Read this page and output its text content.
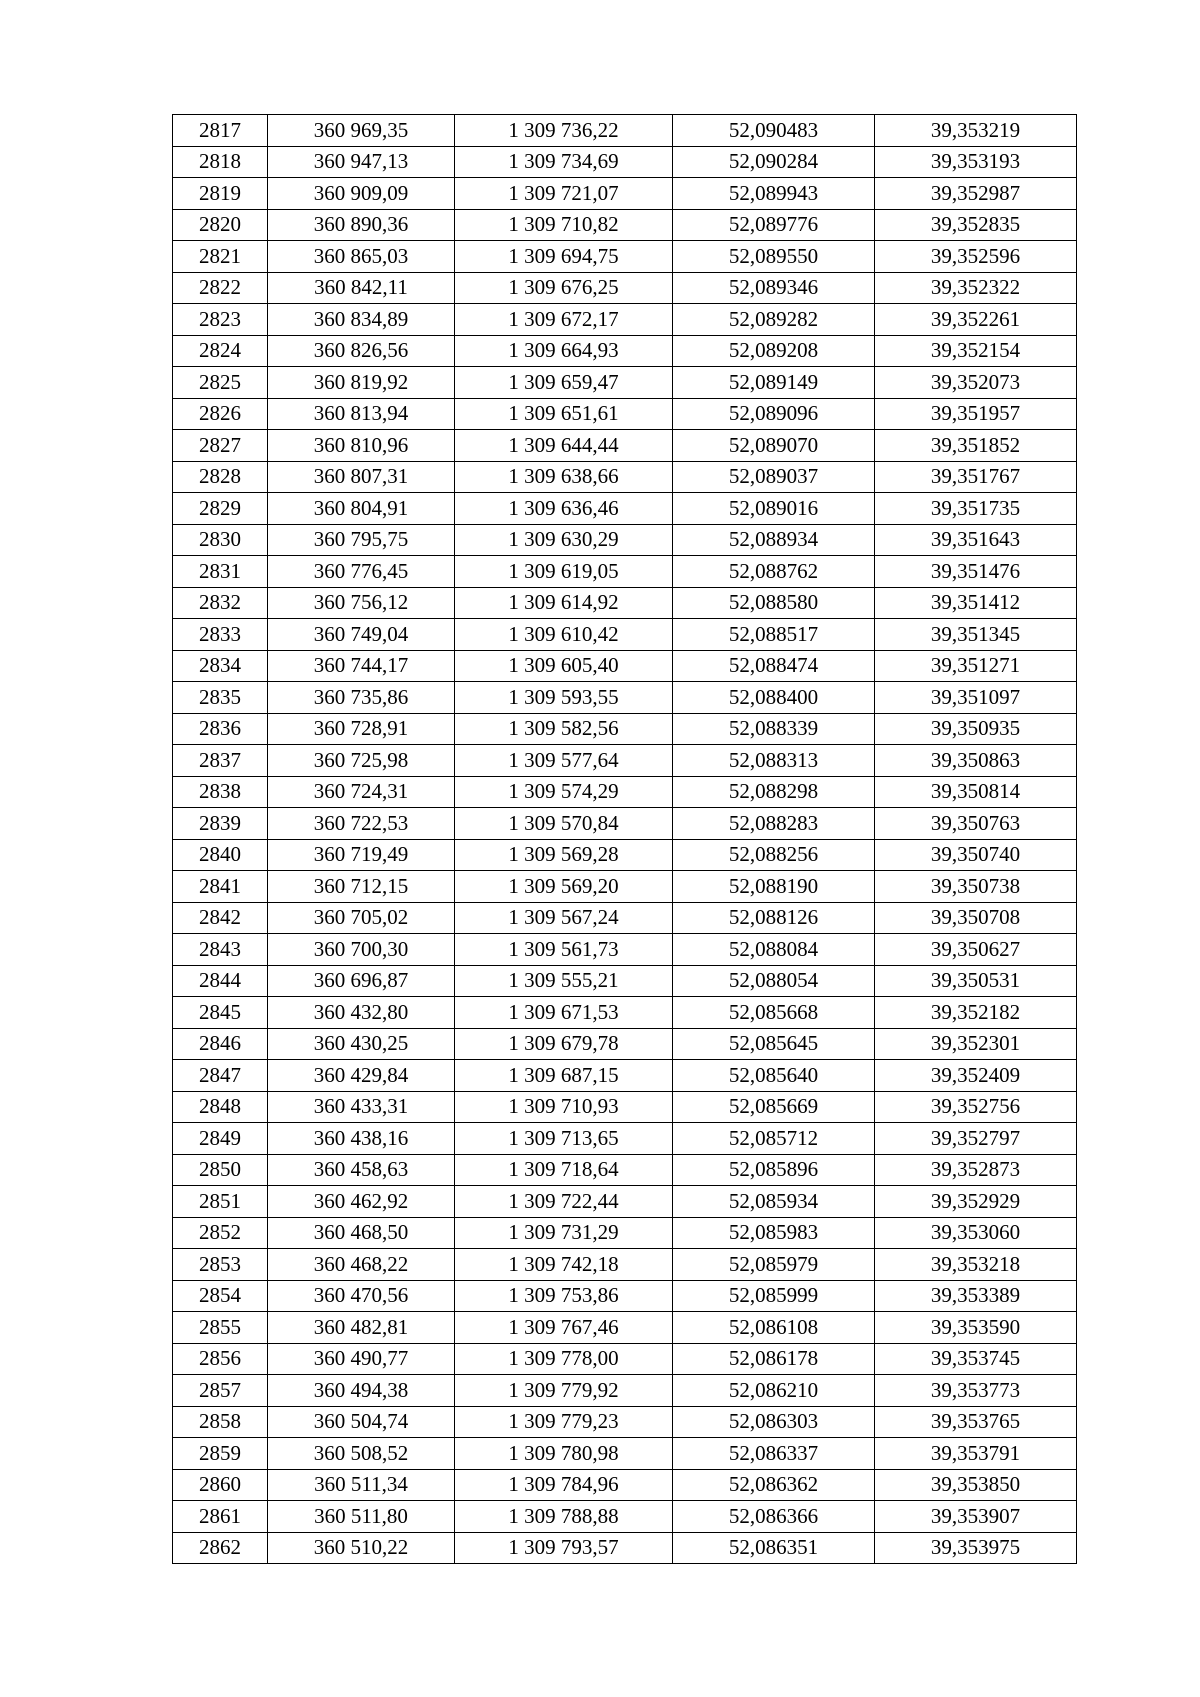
2817	360 969,35	1 309 736,22	52,090483	39,353219
2818	360 947,13	1 309 734,69	52,090284	39,353193
2819	360 909,09	1 309 721,07	52,089943	39,352987
2820	360 890,36	1 309 710,82	52,089776	39,352835
2821	360 865,03	1 309 694,75	52,089550	39,352596
2822	360 842,11	1 309 676,25	52,089346	39,352322
2823	360 834,89	1 309 672,17	52,089282	39,352261
2824	360 826,56	1 309 664,93	52,089208	39,352154
2825	360 819,92	1 309 659,47	52,089149	39,352073
2826	360 813,94	1 309 651,61	52,089096	39,351957
2827	360 810,96	1 309 644,44	52,089070	39,351852
2828	360 807,31	1 309 638,66	52,089037	39,351767
2829	360 804,91	1 309 636,46	52,089016	39,351735
2830	360 795,75	1 309 630,29	52,088934	39,351643
2831	360 776,45	1 309 619,05	52,088762	39,351476
2832	360 756,12	1 309 614,92	52,088580	39,351412
2833	360 749,04	1 309 610,42	52,088517	39,351345
2834	360 744,17	1 309 605,40	52,088474	39,351271
2835	360 735,86	1 309 593,55	52,088400	39,351097
2836	360 728,91	1 309 582,56	52,088339	39,350935
2837	360 725,98	1 309 577,64	52,088313	39,350863
2838	360 724,31	1 309 574,29	52,088298	39,350814
2839	360 722,53	1 309 570,84	52,088283	39,350763
2840	360 719,49	1 309 569,28	52,088256	39,350740
2841	360 712,15	1 309 569,20	52,088190	39,350738
2842	360 705,02	1 309 567,24	52,088126	39,350708
2843	360 700,30	1 309 561,73	52,088084	39,350627
2844	360 696,87	1 309 555,21	52,088054	39,350531
2845	360 432,80	1 309 671,53	52,085668	39,352182
2846	360 430,25	1 309 679,78	52,085645	39,352301
2847	360 429,84	1 309 687,15	52,085640	39,352409
2848	360 433,31	1 309 710,93	52,085669	39,352756
2849	360 438,16	1 309 713,65	52,085712	39,352797
2850	360 458,63	1 309 718,64	52,085896	39,352873
2851	360 462,92	1 309 722,44	52,085934	39,352929
2852	360 468,50	1 309 731,29	52,085983	39,353060
2853	360 468,22	1 309 742,18	52,085979	39,353218
2854	360 470,56	1 309 753,86	52,085999	39,353389
2855	360 482,81	1 309 767,46	52,086108	39,353590
2856	360 490,77	1 309 778,00	52,086178	39,353745
2857	360 494,38	1 309 779,92	52,086210	39,353773
2858	360 504,74	1 309 779,23	52,086303	39,353765
2859	360 508,52	1 309 780,98	52,086337	39,353791
2860	360 511,34	1 309 784,96	52,086362	39,353850
2861	360 511,80	1 309 788,88	52,086366	39,353907
2862	360 510,22	1 309 793,57	52,086351	39,353975
